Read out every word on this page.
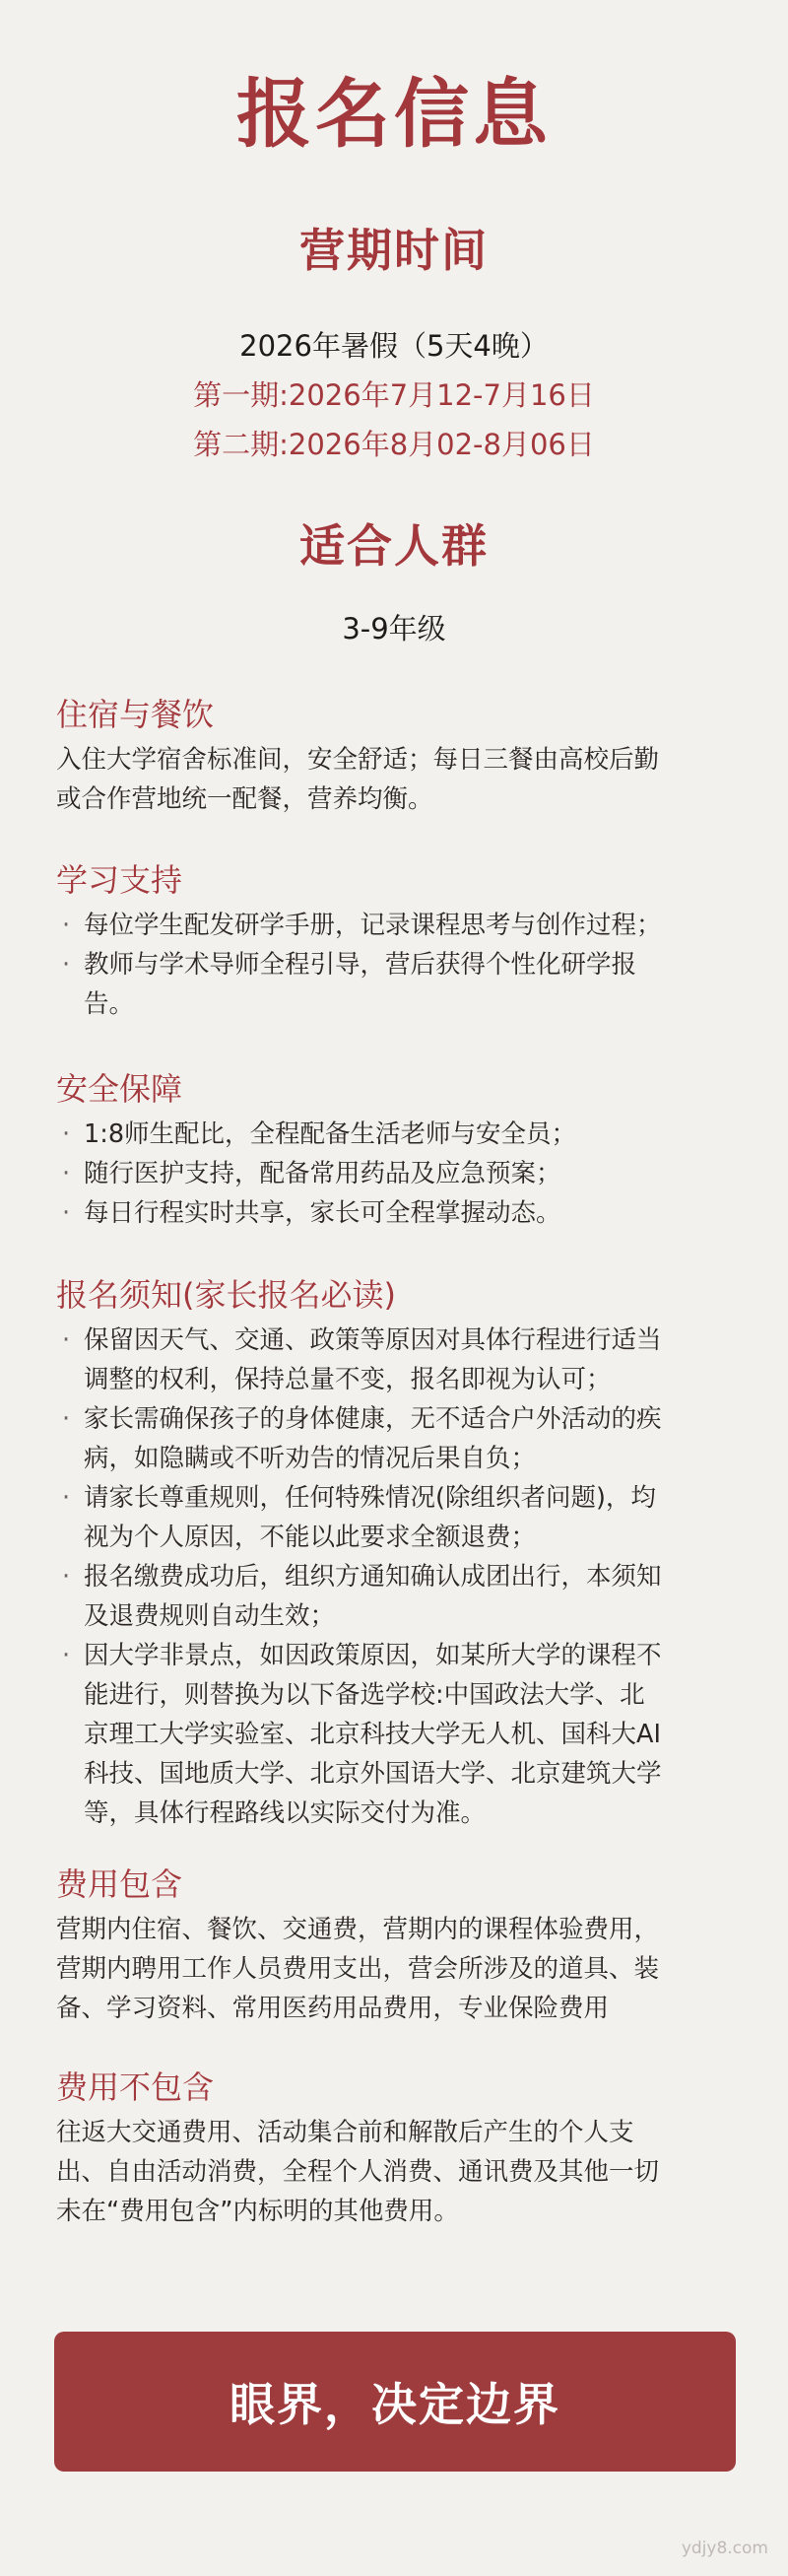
报名信息
营期时间
2026年暑假（5天4晚）
第一期:2026年7月12-7月16日
第二期:2026年8月02-8月06日
适合人群
3-9年级
住宿与餐饮

入住大学宿舍标准间，安全舒适；每日三餐由高校后勤
或合作营地统一配餐，营养均衡。

学习支持
· 每位学生配发研学手册，记录课程思考与创作过程；
· 教师与学术导师全程引导，营后获得个性化研学报
告。
安全保障
· 1:8师生配比，全程配备生活老师与安全员；
· 随行医护支持，配备常用药品及应急预案；
· 每日行程实时共享，家长可全程掌握动态。
报名须知(家长报名必读)
· 保留因天气、交通、政策等原因对具体行程进行适当
调整的权利，保持总量不变，报名即视为认可；
· 家长需确保孩子的身体健康，无不适合户外活动的疾
病，如隐瞒或不听劝告的情况后果自负；
· 请家长尊重规则，任何特殊情况(除组织者问题)，均
视为个人原因，不能以此要求全额退费；
· 报名缴费成功后，组织方通知确认成团出行，本须知
及退费规则自动生效；
· 因大学非景点，如因政策原因，如某所大学的课程不
能进行，则替换为以下备选学校:中国政法大学、北
京理工大学实验室、北京科技大学无人机、国科大AI
科技、国地质大学、北京外国语大学、北京建筑大学
等，具体行程路线以实际交付为准。
费用包含

营期内住宿、餐饮、交通费，营期内的课程体验费用，
营期内聘用工作人员费用支出，营会所涉及的道具、装
备、学习资料、常用医药用品费用，专业保险费用

费用不包含

往返大交通费用、活动集合前和解散后产生的个人支
出、自由活动消费，全程个人消费、通讯费及其他一切
未在“费用包含”内标明的其他费用。

眼界，决定边界
ydjy8.com
